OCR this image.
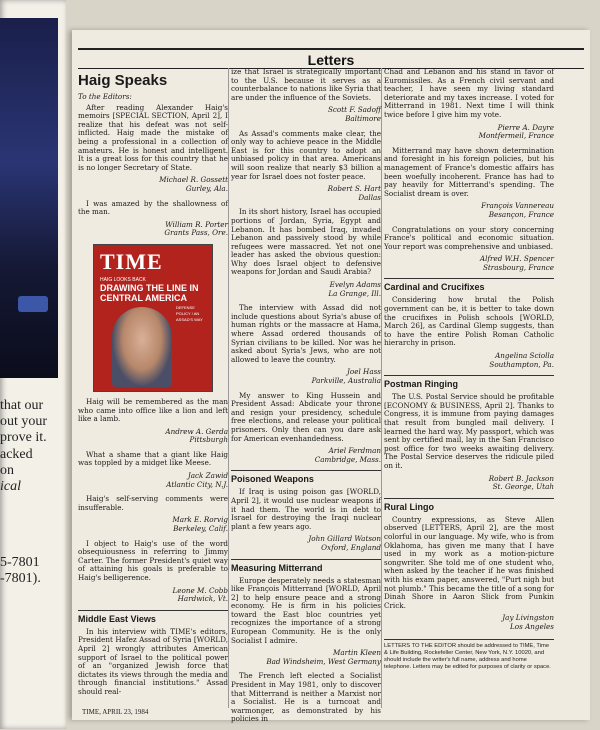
that our
out your
prove it.
acked
on
ical
5-7801
-7801).
Letters
Haig Speaks
To the Editors:

After reading Alexander Haig's memoirs [SPECIAL SECTION, April 2], I realize that his defeat was not self-inflicted. Haig made the mistake of being a professional in a collection of amateurs. He is honest and intelligent. It is a great loss for this country that he is no longer Secretary of State.

Michael R. Gossett
Gurley, Ala.

I was amazed by the shallowness of the man.

William R. Porter
Grants Pass, Ore.
TIME
HAIG LOOKS BACK
DRAWING THE LINE IN CENTRAL AMERICA
DEFENSE POLICY / AN ASSAD'S WAY

Haig will be remembered as the man who came into office like a lion and left like a lamb.

Andrew A. Gerda
Pittsburgh

What a shame that a giant like Haig was toppled by a midget like Meese.

Jack Zawid
Atlantic City, N.J.

Haig's self-serving comments were insufferable.

Mark E. Rorvig
Berkeley, Calif.

I object to Haig's use of the word obsequiousness in referring to Jimmy Carter. The former President's quiet way of attaining his goals is preferable to Haig's belligerence.

Leone M. Cobb
Hardwick, Vt.
Middle East Views

In his interview with TIME's editors, President Hafez Assad of Syria [WORLD, April 2] wrongly attributes American support of Israel to the political power of an "organized Jewish force that dictates its views through the media and through financial institutions." Assad should real-

ize that Israel is strategically important to the U.S. because it serves as a counterbalance to nations like Syria that are under the influence of the Soviets.

Scott F. Sadoff
Baltimore

As Assad's comments make clear, the only way to achieve peace in the Middle East is for this country to adopt an unbiased policy in that area. Americans will soon realize that nearly $3 billion a year for Israel does not foster peace.

Robert S. Hart
Dallas

In its short history, Israel has occupied portions of Jordan, Syria, Egypt and Lebanon. It has bombed Iraq, invaded Lebanon and passively stood by while refugees were massacred. Yet not one leader has asked the obvious question: Why does Israel object to defensive weapons for Jordan and Saudi Arabia?

Evelyn Adams
La Grange, Ill.

The interview with Assad did not include questions about Syria's abuse of human rights or the massacre at Hama, where Assad ordered thousands of Syrian civilians to be killed. Nor was he asked about Syria's Jews, who are not allowed to leave the country.

Joel Hass
Parkville, Australia

My answer to King Hussein and President Assad: Abdicate your throne and resign your presidency, schedule free elections, and release your political prisoners. Only then can you dare ask for American evenhandedness.

Ariel Ferdman
Cambridge, Mass.
Poisoned Weapons

If Iraq is using poison gas [WORLD, April 2], it would use nuclear weapons if it had them. The world is in debt to Israel for destroying the Iraqi nuclear plant a few years ago.

John Gillard Watson
Oxford, England
Measuring Mitterrand

Europe desperately needs a statesman like François Mitterrand [WORLD, April 2] to help ensure peace and a strong economy. He is firm in his policies toward the East bloc countries yet recognizes the importance of a strong European Community. He is the only Socialist I admire.

Martin Kleen
Bad Windsheim, West Germany

The French left elected a Socialist President in May 1981, only to discover that Mitterrand is neither a Marxist nor a Socialist. He is a turncoat and warmonger, as demonstrated by his policies in

Chad and Lebanon and his stand in favor of Euromissiles. As a French civil servant and teacher, I have seen my living standard deteriorate and my taxes increase. I voted for Mitterrand in 1981. Next time I will think twice before I give him my vote.

Pierre A. Dayre
Montfermeil, France

Mitterrand may have shown determination and foresight in his foreign policies, but his management of France's domestic affairs has been woefully incoherent. France has had to pay heavily for Mitterrand's spending. The Socialist dream is over.

François Vannereau
Besançon, France

Congratulations on your story concerning France's political and economic situation. Your report was comprehensive and unbiased.

Alfred W.H. Spencer
Strasbourg, France
Cardinal and Crucifixes

Considering how brutal the Polish government can be, it is better to take down the crucifixes in Polish schools [WORLD, March 26], as Cardinal Glemp suggests, than to have the entire Polish Roman Catholic hierarchy in prison.

Angelina Sciolla
Southampton, Pa.
Postman Ringing

The U.S. Postal Service should be profitable [ECONOMY & BUSINESS, April 2]. Thanks to Congress, it is immune from paying damages that result from bungled mail delivery. I learned the hard way. My passport, which was sent by certified mail, lay in the San Francisco post office for two weeks awaiting delivery. The Postal Service deserves the ridicule piled on it.

Robert B. Jackson
St. George, Utah
Rural Lingo

Country expressions, as Steve Allen observed [LETTERS, April 2], are the most colorful in our language. My wife, who is from Oklahoma, has given me many that I have used in my work as a motion-picture songwriter. She told me of one student who, when asked by the teacher if he was finished with his exam paper, answered, "Purt nigh but not plumb." This became the title of a song for Dinah Shore in Aaron Slick from Punkin Crick.

Jay Livingston
Los Angeles
LETTERS TO THE EDITOR should be addressed to TIME, Time & Life Building, Rockefeller Center, New York, N.Y. 10020, and should include the writer's full name, address and home telephone. Letters may be edited for purposes of clarity or space.
TIME, APRIL 23, 1984
